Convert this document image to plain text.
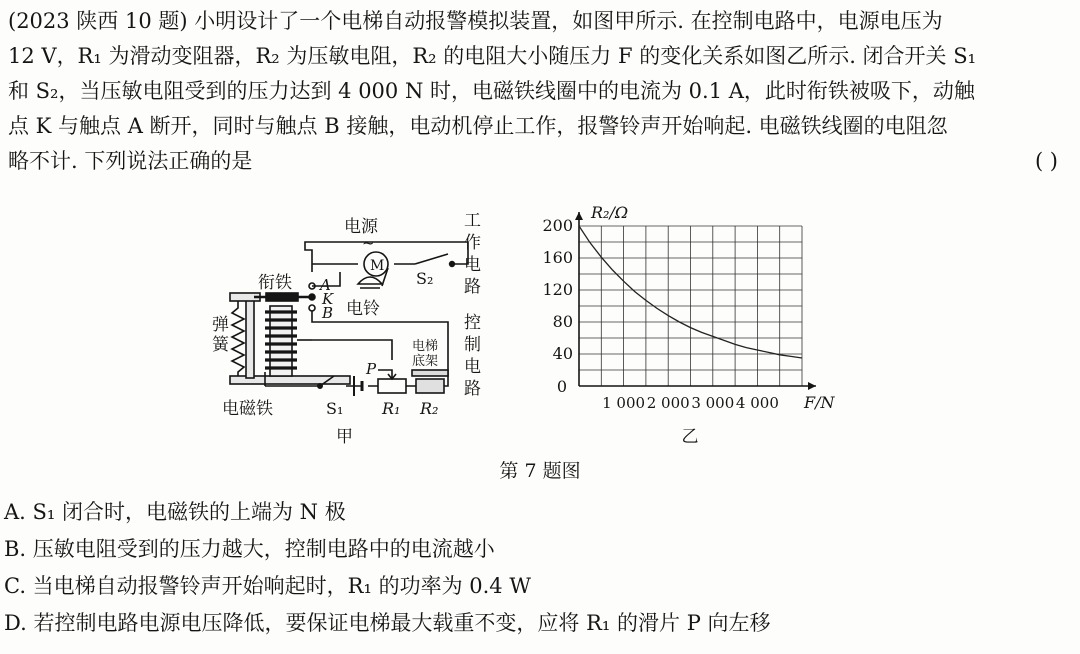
(2023 陕西 10 题) 小明设计了一个电梯自动报警模拟装置，如图甲所示. 在控制电路中，电源电压为
12 V，R₁ 为滑动变阻器，R₂ 为压敏电阻，R₂ 的电阻大小随压力 F 的变化关系如图乙所示. 闭合开关 S₁
和 S₂，当压敏电阻受到的压力达到 4 000 N 时，电磁铁线圈中的电流为 0.1 A，此时衔铁被吸下，动触
点 K 与触点 A 断开，同时与触点 B 接触，电动机停止工作，报警铃声开始响起. 电磁铁线圈的电阻忽
略不计. 下列说法正确的是	( )
电源
~
M
S₂
工
作
电
路
衔铁 A
K
B 电铃
弹
簧
控
制
电
路
电梯
底架
P
电磁铁	S₁ R₁ R₂
甲
1 000 2 000 3 000 4 000
40
80
120
160
200
R₂/Ω
F/N
0
乙
第 7 题图
A. S₁ 闭合时，电磁铁的上端为 N 极
B. 压敏电阻受到的压力越大，控制电路中的电流越小
C. 当电梯自动报警铃声开始响起时，R₁ 的功率为 0.4 W
D. 若控制电路电源电压降低，要保证电梯最大载重不变，应将 R₁ 的滑片 P 向左移
